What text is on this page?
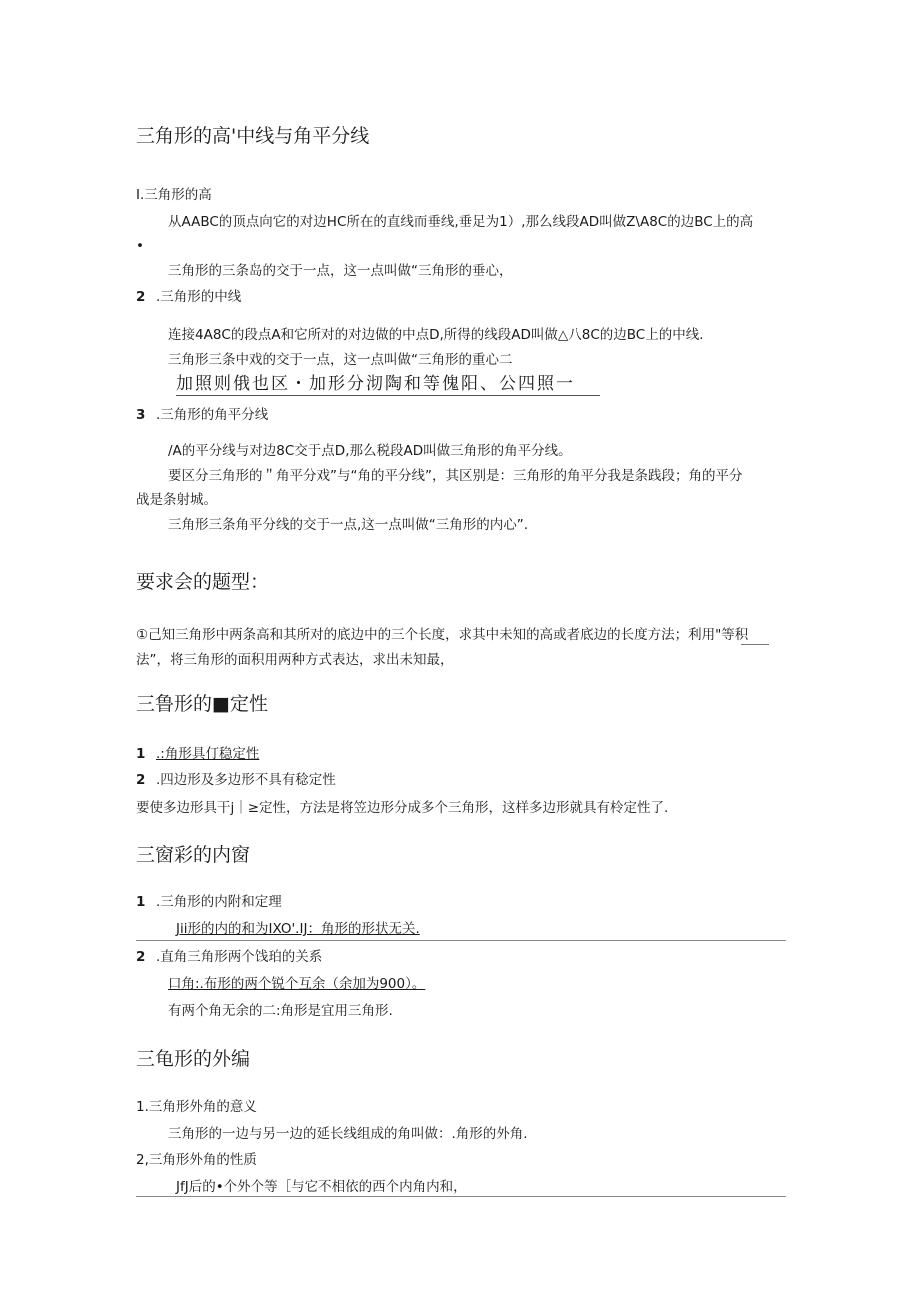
三角形的高'中线与角平分线
I.三角形的高
从AABC的顶点向它的对边HC所在的直线而垂线,垂足为1）,那么线段AD叫做Z\A8C的边BC上的高
•
三角形的三条岛的交于一点，这一点叫做“三角形的垂心，
2 .三角形的中线
连接4A8C的段点A和它所对的对边做的中点D,所得的线段AD叫做△八8C的边BC上的中线.
三角形三条中戏的交于一点，这一点叫做“三角形的重心二
加照则俄也区・加形分沏陶和等傀阳、公四照一
3 .三角形的角平分线
/A的平分线与对边8C交于点D,那么税段AD叫做三角形的角平分线。
要区分三角形的＂角平分戏”与“角的平分线”，其区别是：三角形的角平分我是条践段；角的平分
战是条射城。
三角形三条角平分线的交于一点,这一点叫做“三角形的内心”.
要求会的题型：
①己知三角形中两条高和其所对的底边中的三个长度，求其中未知的高或者底边的长度方法；利用"等积
法”，将三角形的面积用两种方式表达，求出未知最，
三鲁形的■定性
1 .:角形具仃稳定性
2 .四边形及多边形不具有稔定性
要使多边形具干j｜≥定性，方法是将笠边形分成多个三角形，这样多边形就具有柃定性了.
三窗彩的内窗
1 .三角形的内附和定理
Jii形的内的和为IXO'.IJ：角形的形状无关.
2 .直角三角形两个饯珀的关系
口角:.布形的两个锐个互余（余加为900）。
有两个角无余的二:角形是宜用三角形.
三龟形的外编
1.三角形外角的意义
三角形的一边与另一边的延长线组成的角叫做：.角形的外角.
2,三角形外角的性质
JfJ后的•个外个等［与它不相依的西个内角内和，
